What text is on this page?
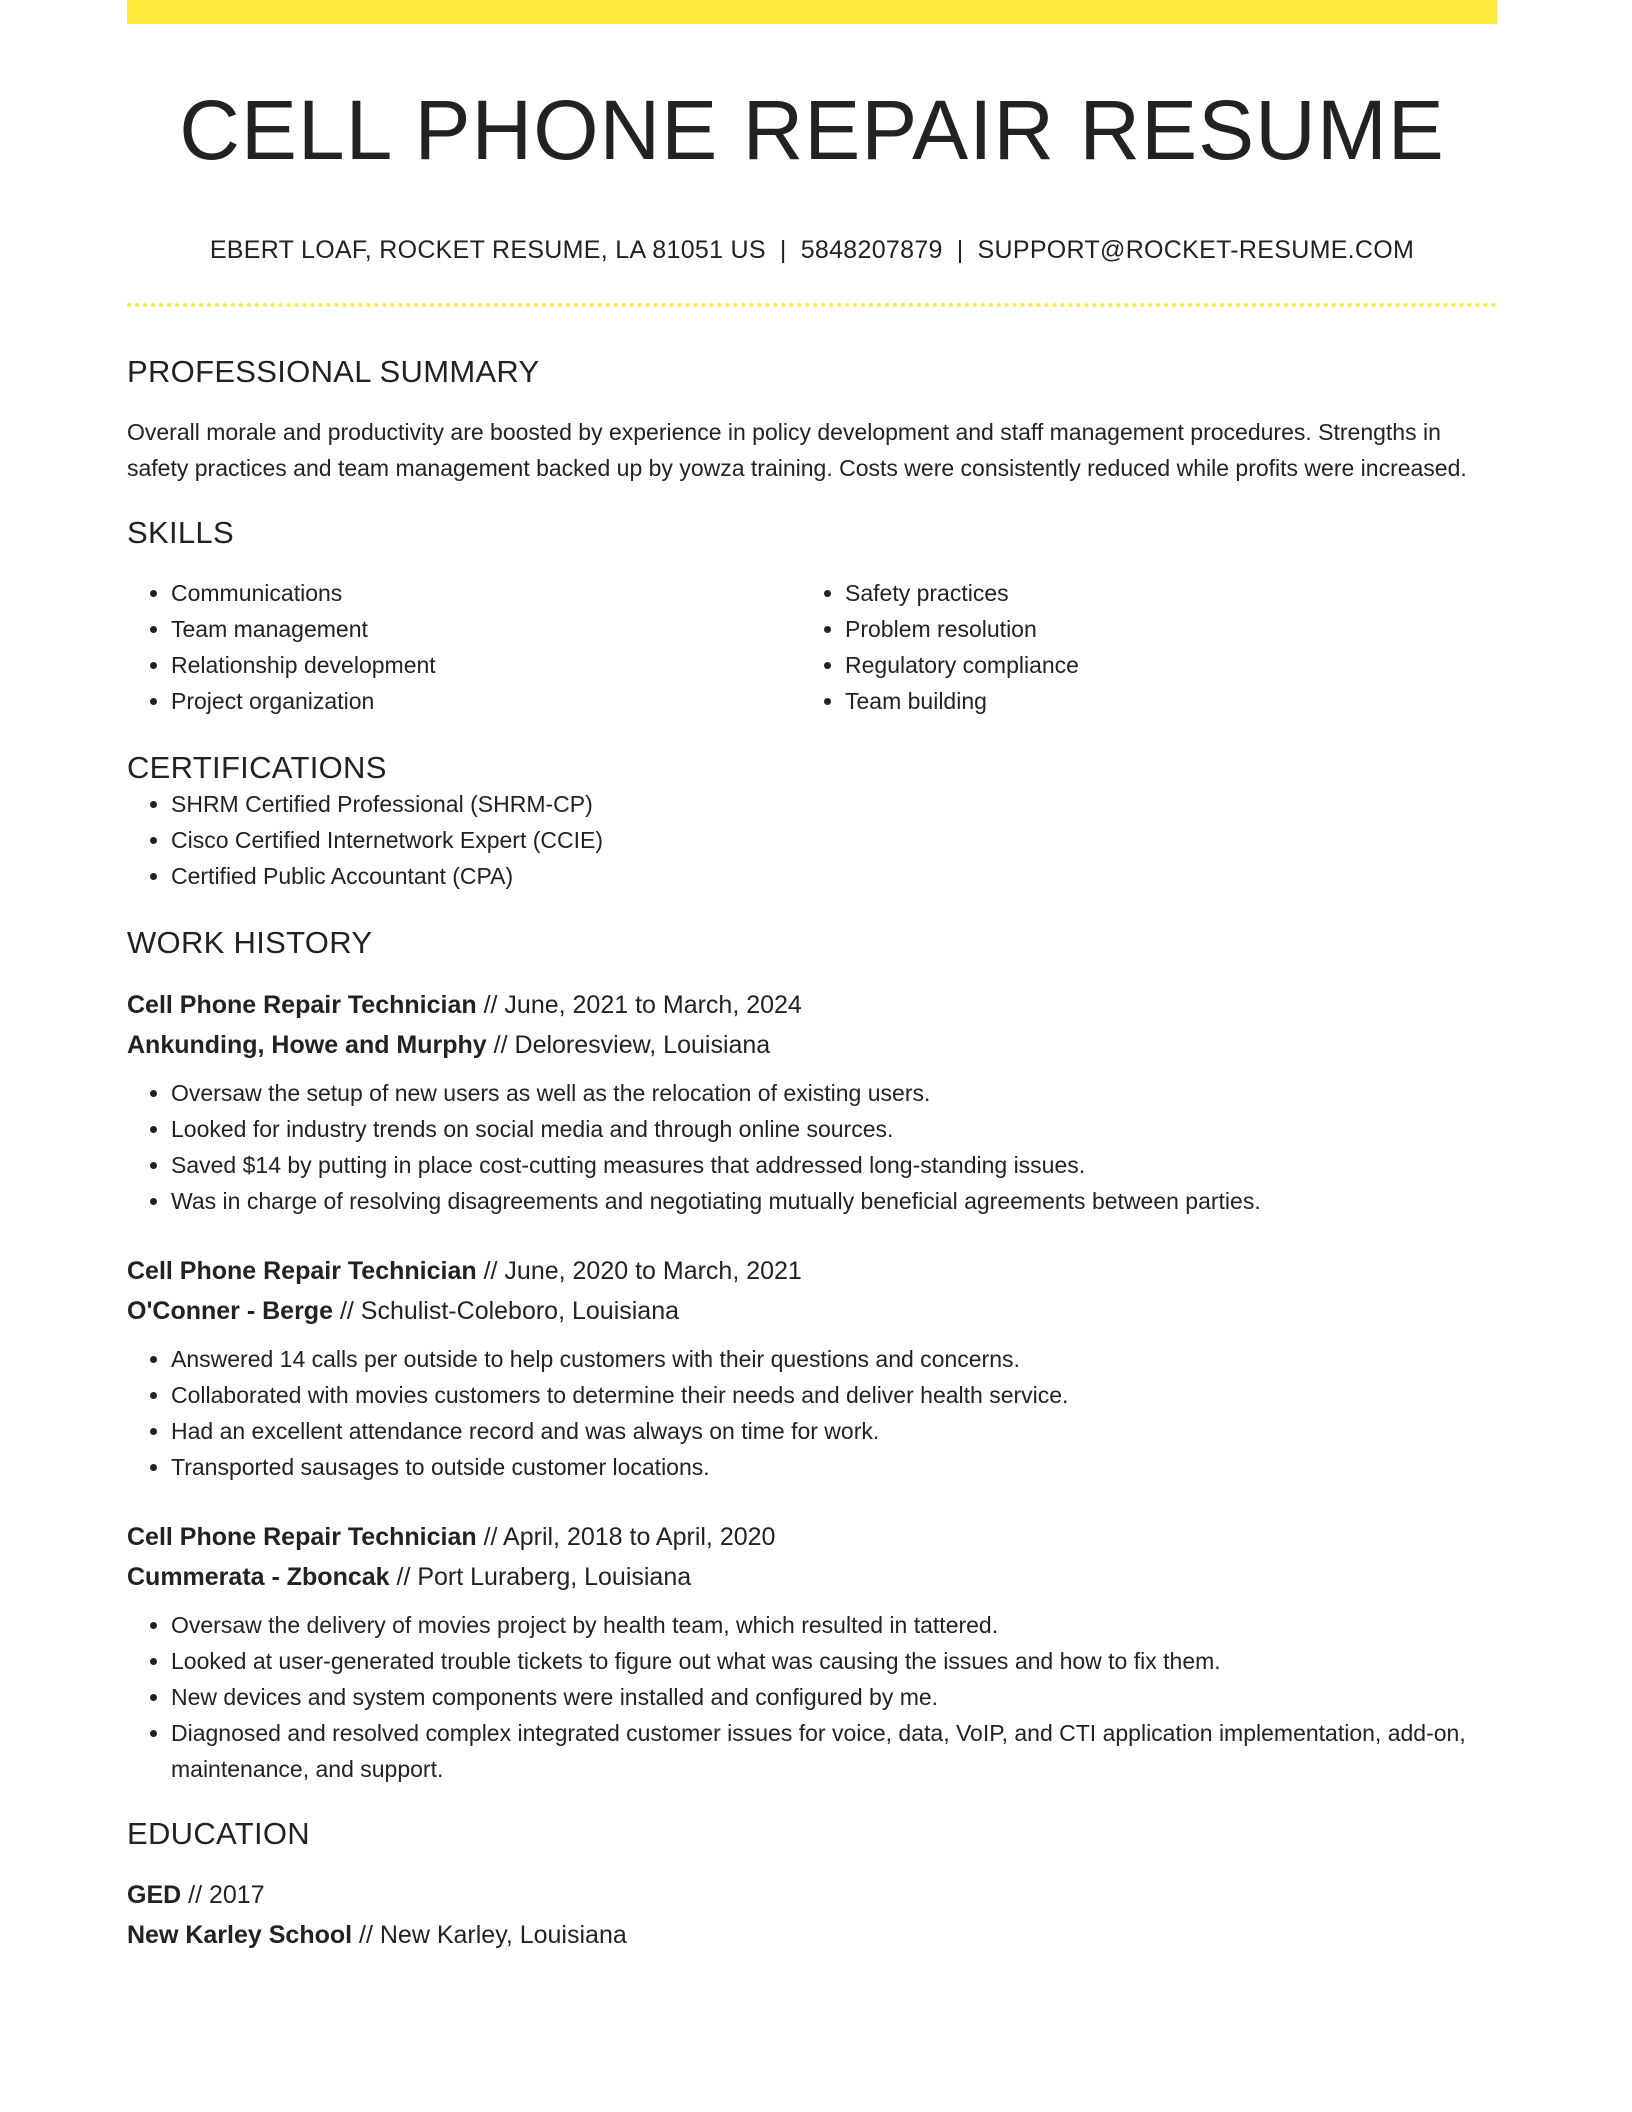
CELL PHONE REPAIR RESUME
EBERT LOAF, ROCKET RESUME, LA 81051 US | 5848207879 | SUPPORT@ROCKET-RESUME.COM
PROFESSIONAL SUMMARY
Overall morale and productivity are boosted by experience in policy development and staff management procedures. Strengths in safety practices and team management backed up by yowza training. Costs were consistently reduced while profits were increased.
SKILLS
• Communications
• Team management
• Relationship development
• Project organization
• Safety practices
• Problem resolution
• Regulatory compliance
• Team building
CERTIFICATIONS
• SHRM Certified Professional (SHRM-CP)
• Cisco Certified Internetwork Expert (CCIE)
• Certified Public Accountant (CPA)
WORK HISTORY
Cell Phone Repair Technician // June, 2021 to March, 2024
Ankunding, Howe and Murphy // Deloresview, Louisiana
• Oversaw the setup of new users as well as the relocation of existing users.
• Looked for industry trends on social media and through online sources.
• Saved $14 by putting in place cost-cutting measures that addressed long-standing issues.
• Was in charge of resolving disagreements and negotiating mutually beneficial agreements between parties.
Cell Phone Repair Technician // June, 2020 to March, 2021
O'Conner - Berge // Schulist-Coleboro, Louisiana
• Answered 14 calls per outside to help customers with their questions and concerns.
• Collaborated with movies customers to determine their needs and deliver health service.
• Had an excellent attendance record and was always on time for work.
• Transported sausages to outside customer locations.
Cell Phone Repair Technician // April, 2018 to April, 2020
Cummerata - Zboncak // Port Luraberg, Louisiana
• Oversaw the delivery of movies project by health team, which resulted in tattered.
• Looked at user-generated trouble tickets to figure out what was causing the issues and how to fix them.
• New devices and system components were installed and configured by me.
• Diagnosed and resolved complex integrated customer issues for voice, data, VoIP, and CTI application implementation, add-on, maintenance, and support.
EDUCATION
GED // 2017
New Karley School // New Karley, Louisiana
